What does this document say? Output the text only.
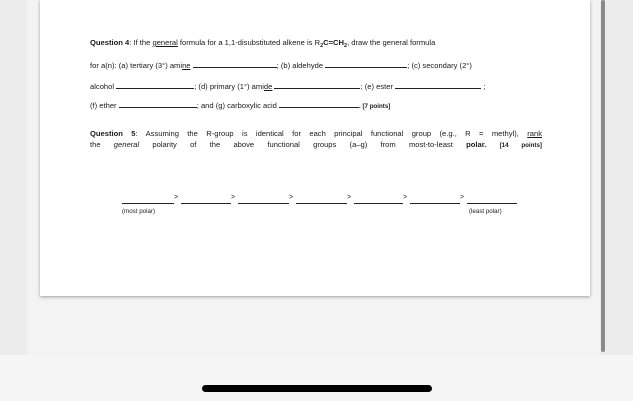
Question 4: If the general formula for a 1,1-disubstituted alkene is $R_2C=CH_2$, draw the general formula
for a(n): (a) tertiary (3°) amine	; (b) aldehyde	; (c) secondary (2°)
alcohol	; (d) primary (1°) amide	; (e) ester	;
(f) ether	; and (g) carboxylic acid	. [7 points]
Question 5: Assuming the R-group is identical for each principal functional group (e.g., R = methyl), rank
the general polarity of the above functional groups (a–g) from most-to-least polar. [14 points]
>	>	>	>	>	>
(most polar)	(least polar)
